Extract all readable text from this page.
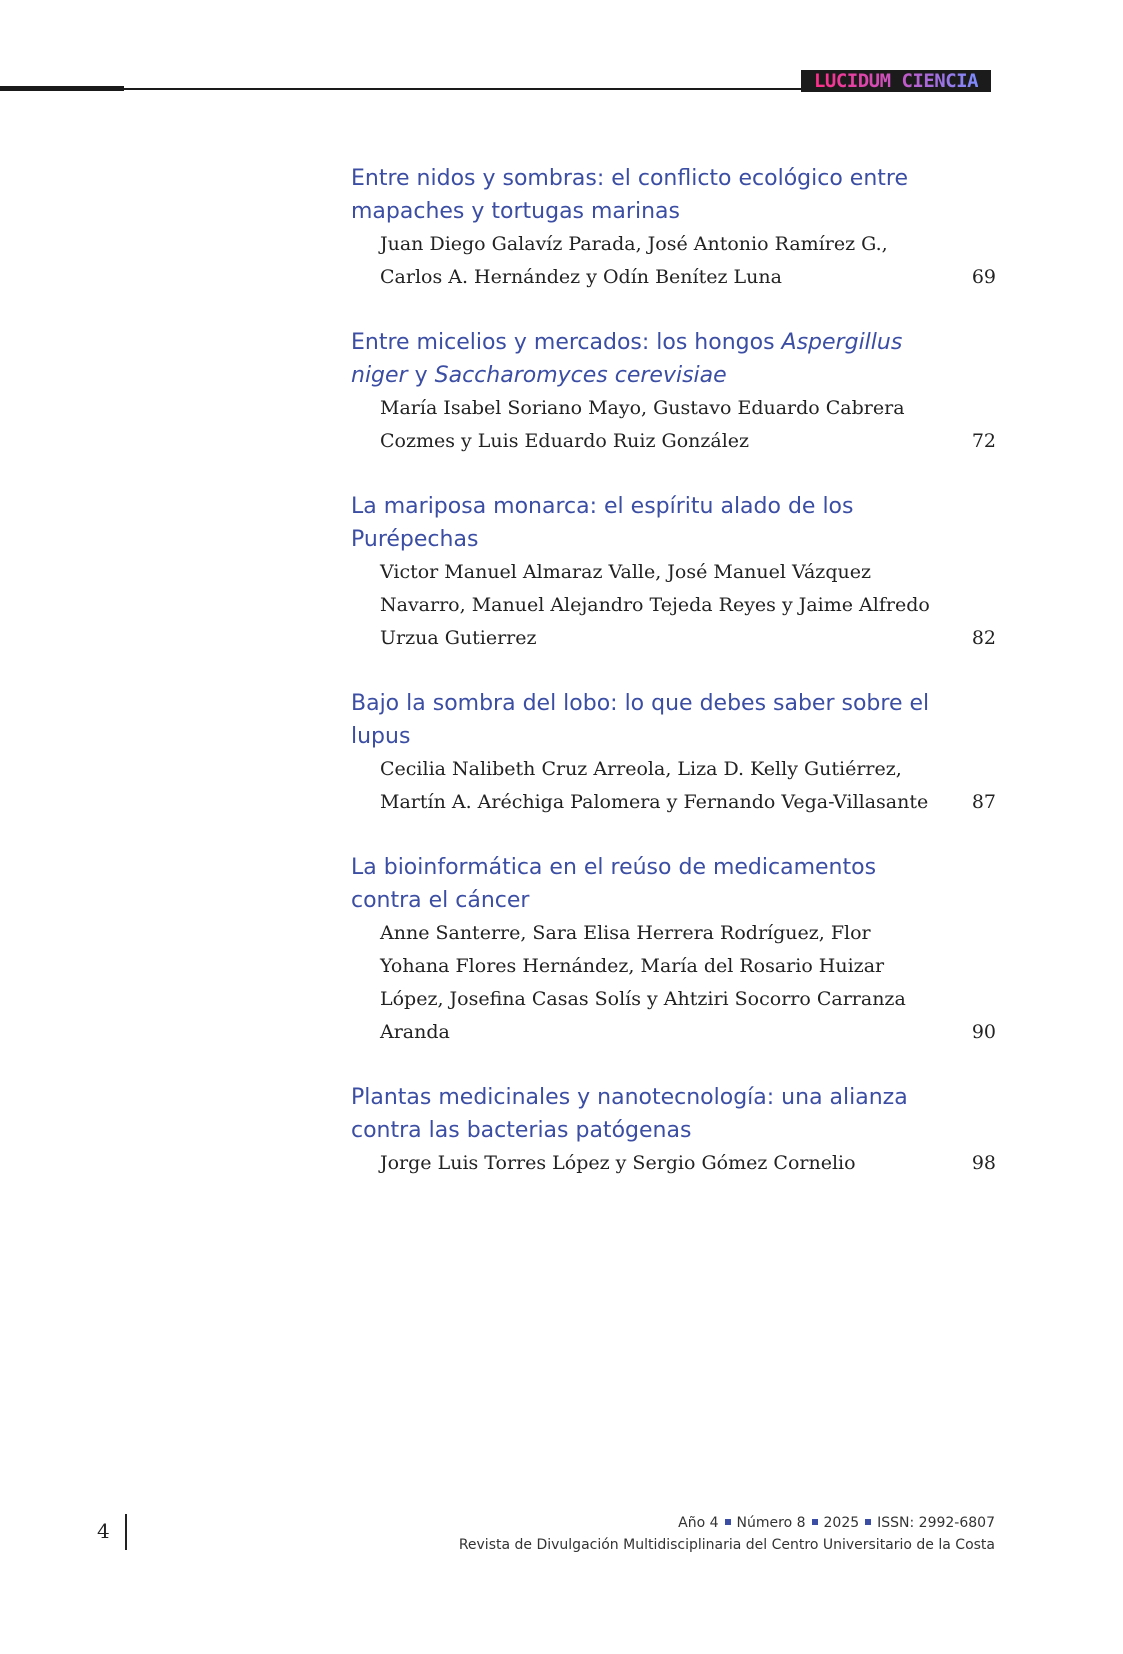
LUCIDUM CIENCIA
Entre nidos y sombras: el conflicto ecológico entre mapaches y tortugas marinas
Juan Diego Galavíz Parada, José Antonio Ramírez G., Carlos A. Hernández y Odín Benítez Luna	69
Entre micelios y mercados: los hongos Aspergillus niger y Saccharomyces cerevisiae
María Isabel Soriano Mayo, Gustavo Eduardo Cabrera Cozmes y Luis Eduardo Ruiz González	72
La mariposa monarca: el espíritu alado de los Purépechas
Victor Manuel Almaraz Valle, José Manuel Vázquez Navarro, Manuel Alejandro Tejeda Reyes y Jaime Alfredo Urzua Gutierrez	82
Bajo la sombra del lobo: lo que debes saber sobre el lupus
Cecilia Nalibeth Cruz Arreola, Liza D. Kelly Gutiérrez, Martín A. Aréchiga Palomera y Fernando Vega-Villasante	87
La bioinformática en el reúso de medicamentos contra el cáncer
Anne Santerre, Sara Elisa Herrera Rodríguez, Flor Yohana Flores Hernández, María del Rosario Huizar López, Josefina Casas Solís y Ahtziri Socorro Carranza Aranda	90
Plantas medicinales y nanotecnología: una alianza contra las bacterias patógenas
Jorge Luis Torres López y Sergio Gómez Cornelio	98
4	Año 4 Número 8 2025 ISSN: 2992-6807
Revista de Divulgación Multidisciplinaria del Centro Universitario de la Costa
